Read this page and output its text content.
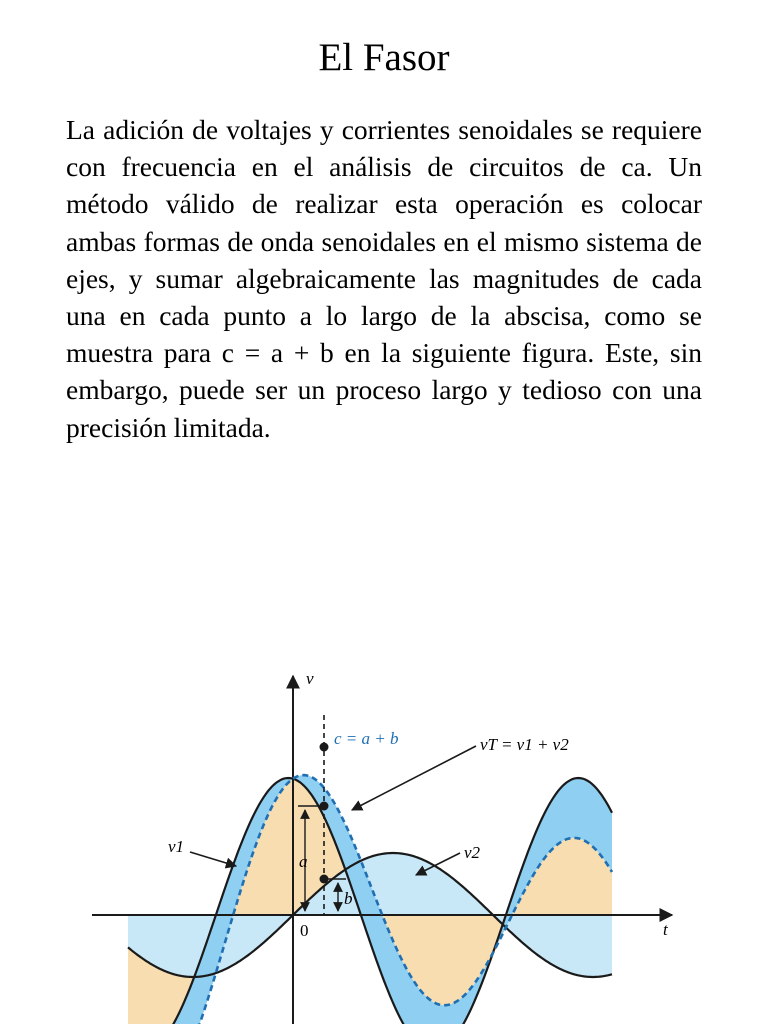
El Fasor

La adición de voltajes y corrientes senoidales se requiere con frecuencia en el análisis de circuitos de ca. Un método válido de realizar esta operación es colocar ambas formas de onda senoidales en el mismo sistema de ejes, y sumar algebraicamente las magnitudes de cada una en cada punto a lo largo de la abscisa, como se muestra para c = a + b en la siguiente figura. Este, sin embargo, puede ser un proceso largo y tedioso con una precisión limitada.

v
t
0
c = a + b	vT = v1 + v2
v1	v2
a
b
